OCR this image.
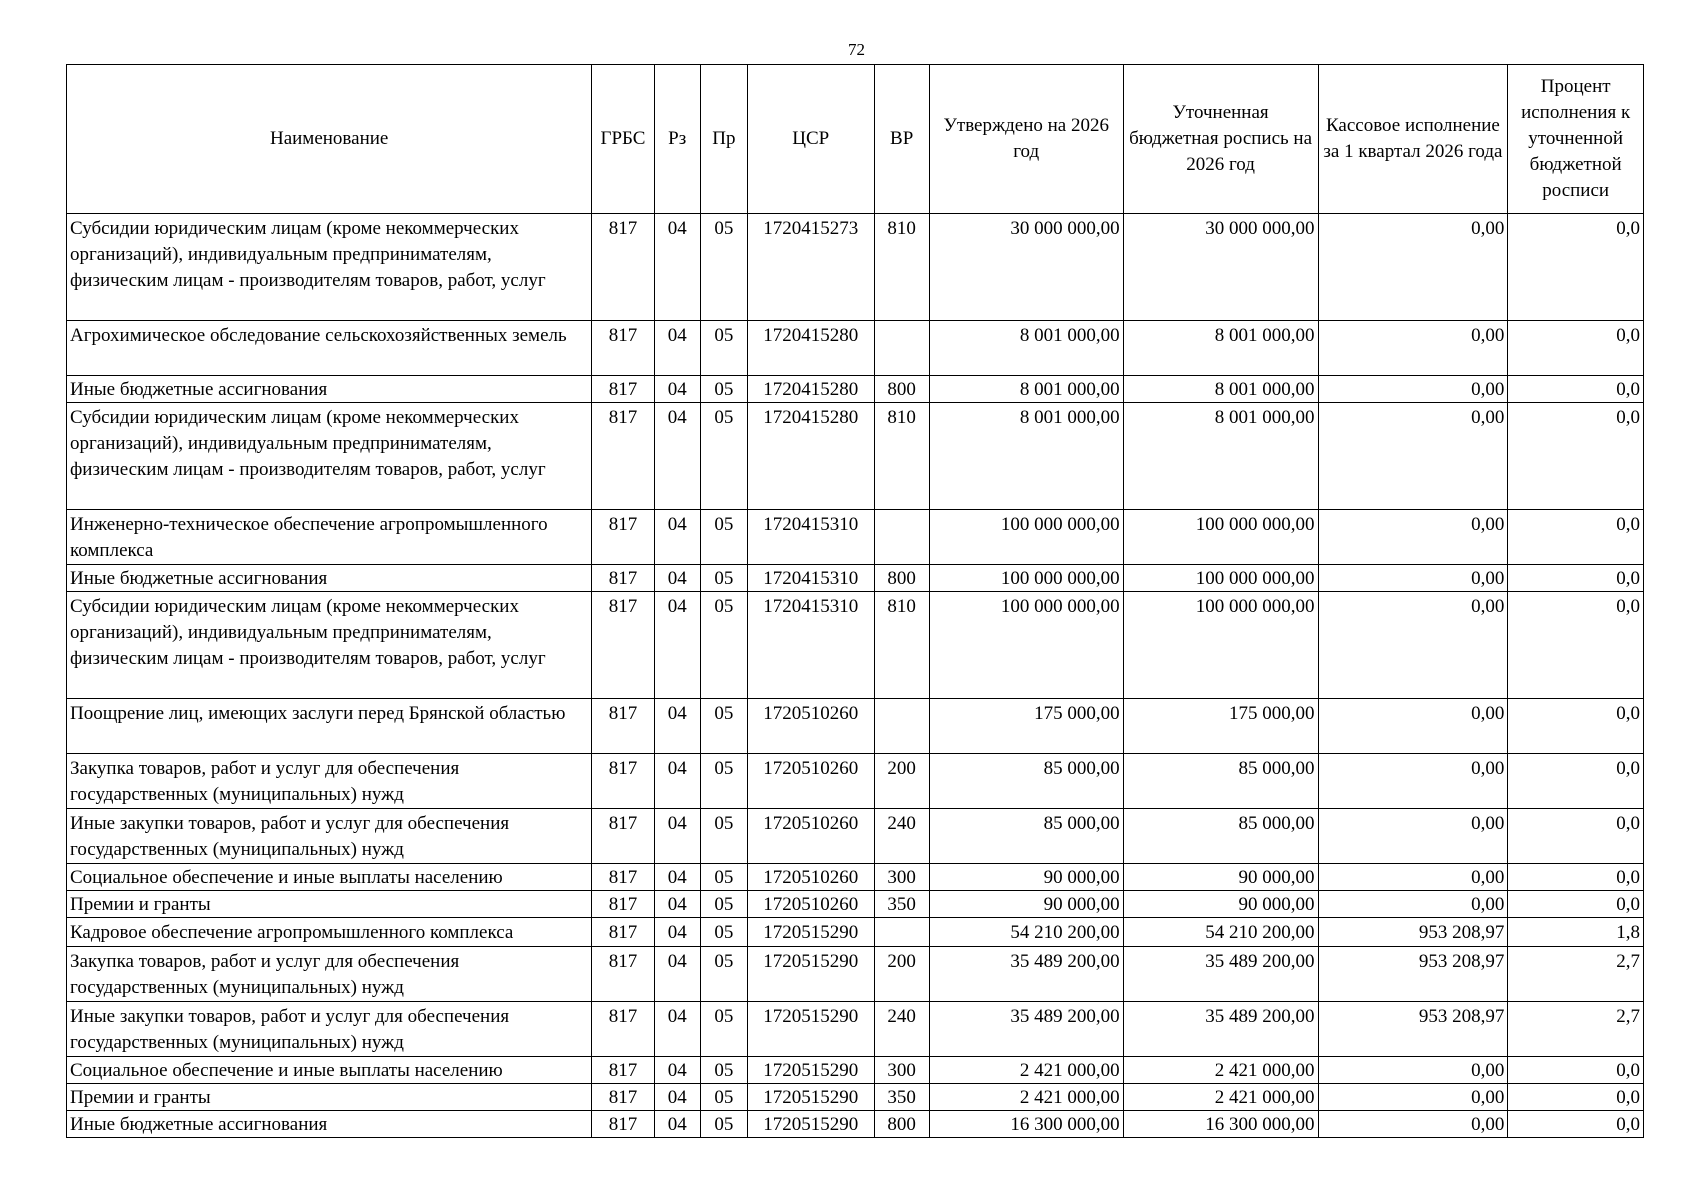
72
Наименование	ГРБС	Рз	Пр	ЦСР	ВР	Утверждено на 2026 год	Уточненная бюджетная роспись на 2026 год	Кассовое исполнение за 1 квартал 2026 года	Процент исполнения к уточненной бюджетной росписи
Субсидии юридическим лицам (кроме некоммерческих организаций), индивидуальным предпринимателям, физическим лицам - производителям товаров, работ, услуг	817	04	05	1720415273	810	30 000 000,00	30 000 000,00	0,00	0,0
Агрохимическое обследование сельскохозяйственных земель	817	04	05	1720415280		8 001 000,00	8 001 000,00	0,00	0,0
Иные бюджетные ассигнования	817	04	05	1720415280	800	8 001 000,00	8 001 000,00	0,00	0,0
Субсидии юридическим лицам (кроме некоммерческих организаций), индивидуальным предпринимателям, физическим лицам - производителям товаров, работ, услуг	817	04	05	1720415280	810	8 001 000,00	8 001 000,00	0,00	0,0
Инженерно-техническое обеспечение агропромышленного комплекса	817	04	05	1720415310		100 000 000,00	100 000 000,00	0,00	0,0
Иные бюджетные ассигнования	817	04	05	1720415310	800	100 000 000,00	100 000 000,00	0,00	0,0
Субсидии юридическим лицам (кроме некоммерческих организаций), индивидуальным предпринимателям, физическим лицам - производителям товаров, работ, услуг	817	04	05	1720415310	810	100 000 000,00	100 000 000,00	0,00	0,0
Поощрение лиц, имеющих заслуги перед Брянской областью	817	04	05	1720510260		175 000,00	175 000,00	0,00	0,0
Закупка товаров, работ и услуг для обеспечения государственных (муниципальных) нужд	817	04	05	1720510260	200	85 000,00	85 000,00	0,00	0,0
Иные закупки товаров, работ и услуг для обеспечения государственных (муниципальных) нужд	817	04	05	1720510260	240	85 000,00	85 000,00	0,00	0,0
Социальное обеспечение и иные выплаты населению	817	04	05	1720510260	300	90 000,00	90 000,00	0,00	0,0
Премии и гранты	817	04	05	1720510260	350	90 000,00	90 000,00	0,00	0,0
Кадровое обеспечение агропромышленного комплекса	817	04	05	1720515290		54 210 200,00	54 210 200,00	953 208,97	1,8
Закупка товаров, работ и услуг для обеспечения государственных (муниципальных) нужд	817	04	05	1720515290	200	35 489 200,00	35 489 200,00	953 208,97	2,7
Иные закупки товаров, работ и услуг для обеспечения государственных (муниципальных) нужд	817	04	05	1720515290	240	35 489 200,00	35 489 200,00	953 208,97	2,7
Социальное обеспечение и иные выплаты населению	817	04	05	1720515290	300	2 421 000,00	2 421 000,00	0,00	0,0
Премии и гранты	817	04	05	1720515290	350	2 421 000,00	2 421 000,00	0,00	0,0
Иные бюджетные ассигнования	817	04	05	1720515290	800	16 300 000,00	16 300 000,00	0,00	0,0
